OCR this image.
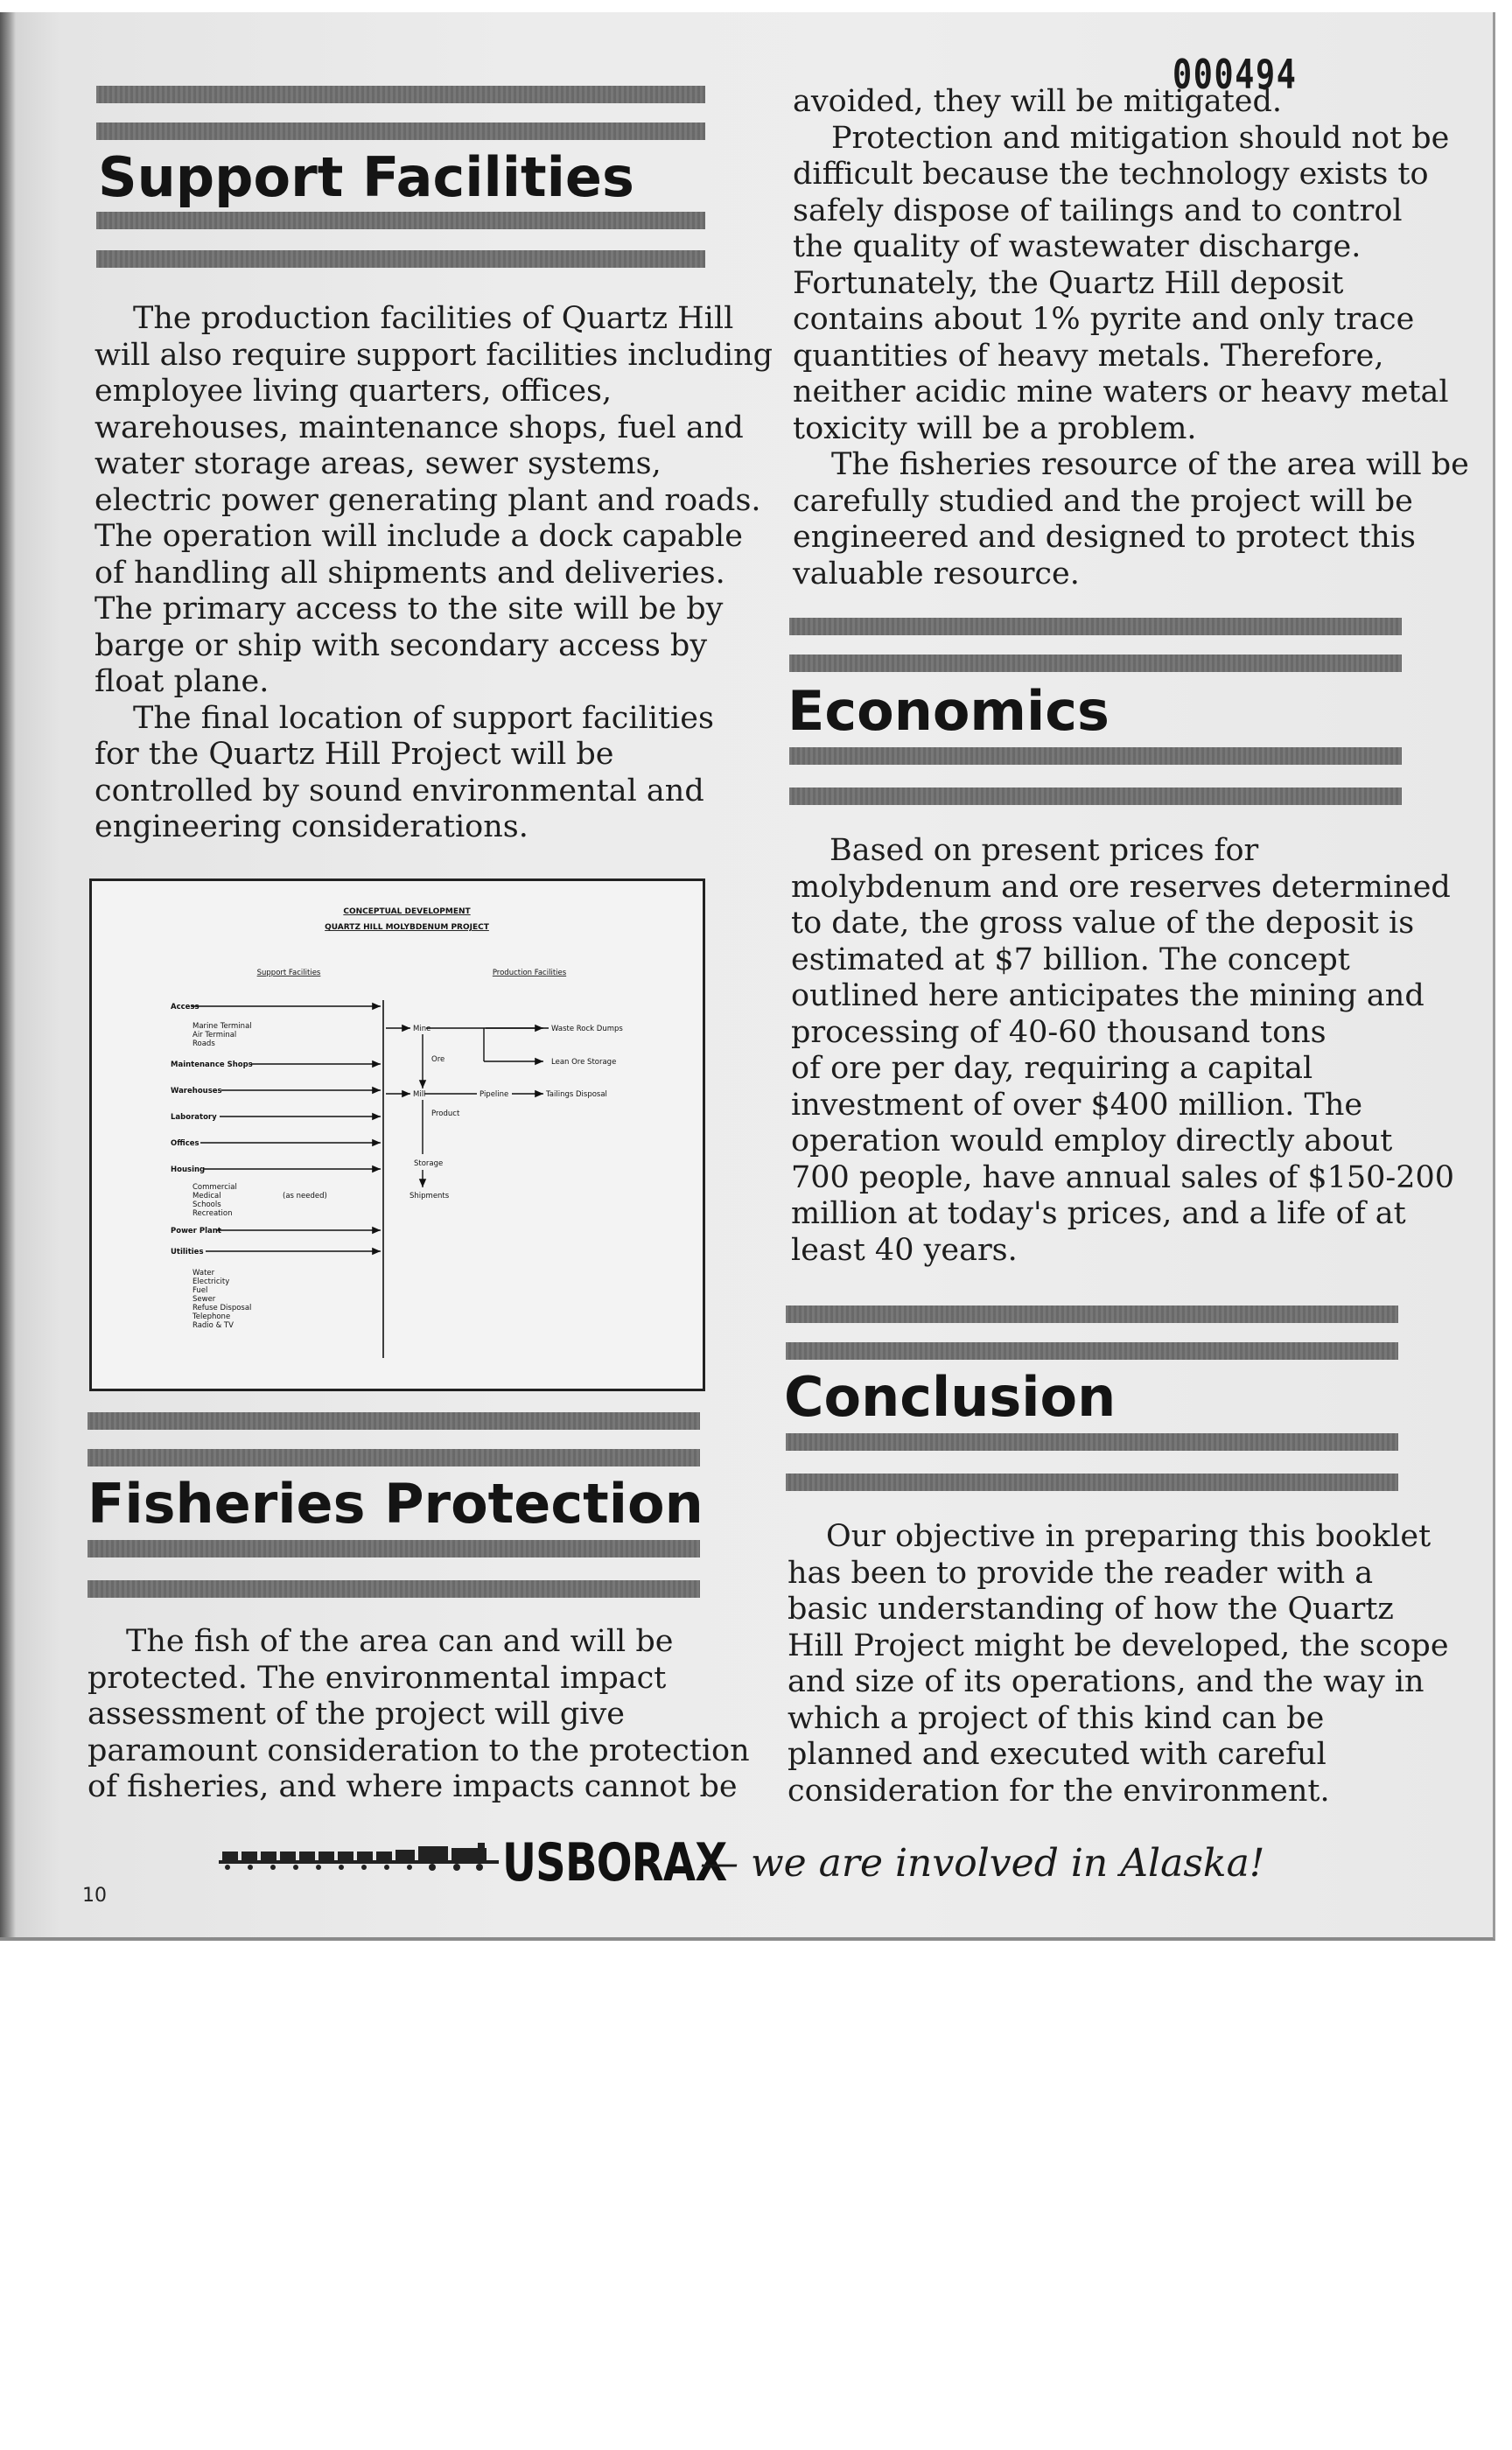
000494
Support Facilities

The production facilities of Quartz Hill

will also require support facilities including

employee living quarters, offices,

warehouses, maintenance shops, fuel and

water storage areas, sewer systems,

electric power generating plant and roads.

The operation will include a dock capable

of handling all shipments and deliveries.

The primary access to the site will be by

barge or ship with secondary access by

float plane.

The final location of support facilities

for the Quartz Hill Project will be

controlled by sound environmental and

engineering considerations.

CONCEPTUAL DEVELOPMENT
QUARTZ HILL MOLYBDENUM PROJECT
Support Facilities	Production Facilities
Access
Marine Terminal
Air Terminal
Roads
Maintenance Shops
Warehouses
Laboratory
Offices
Housing
Commercial
Medical
Schools
Recreation
(as needed)
Power Plant
Utilities
Water
Electricity
Fuel
Sewer
Refuse Disposal
Telephone
Radio & TV
Mine	Waste Rock Dumps
Lean Ore Storage
Ore
Mill	Pipeline	Tailings Disposal
Product
Storage
Shipments
Fisheries Protection

The fish of the area can and will be

protected. The environmental impact

assessment of the project will give

paramount consideration to the protection

of fisheries, and where impacts cannot be

avoided, they will be mitigated.

Protection and mitigation should not be

difficult because the technology exists to

safely dispose of tailings and to control

the quality of wastewater discharge.

Fortunately, the Quartz Hill deposit

contains about 1% pyrite and only trace

quantities of heavy metals. Therefore,

neither acidic mine waters or heavy metal

toxicity will be a problem.

The fisheries resource of the area will be

carefully studied and the project will be

engineered and designed to protect this

valuable resource.

Economics

Based on present prices for

molybdenum and ore reserves determined

to date, the gross value of the deposit is

estimated at $7 billion. The concept

outlined here anticipates the mining and

processing of 40-60 thousand tons

of ore per day, requiring a capital

investment of over $400 million. The

operation would employ directly about

700 people, have annual sales of $150-200

million at today's prices, and a life of at

least 40 years.

Conclusion

Our objective in preparing this booklet

has been to provide the reader with a

basic understanding of how the Quartz

Hill Project might be developed, the scope

and size of its operations, and the way in

which a project of this kind can be

planned and executed with careful

consideration for the environment.

USBORAX
— we are involved in Alaska!
10
